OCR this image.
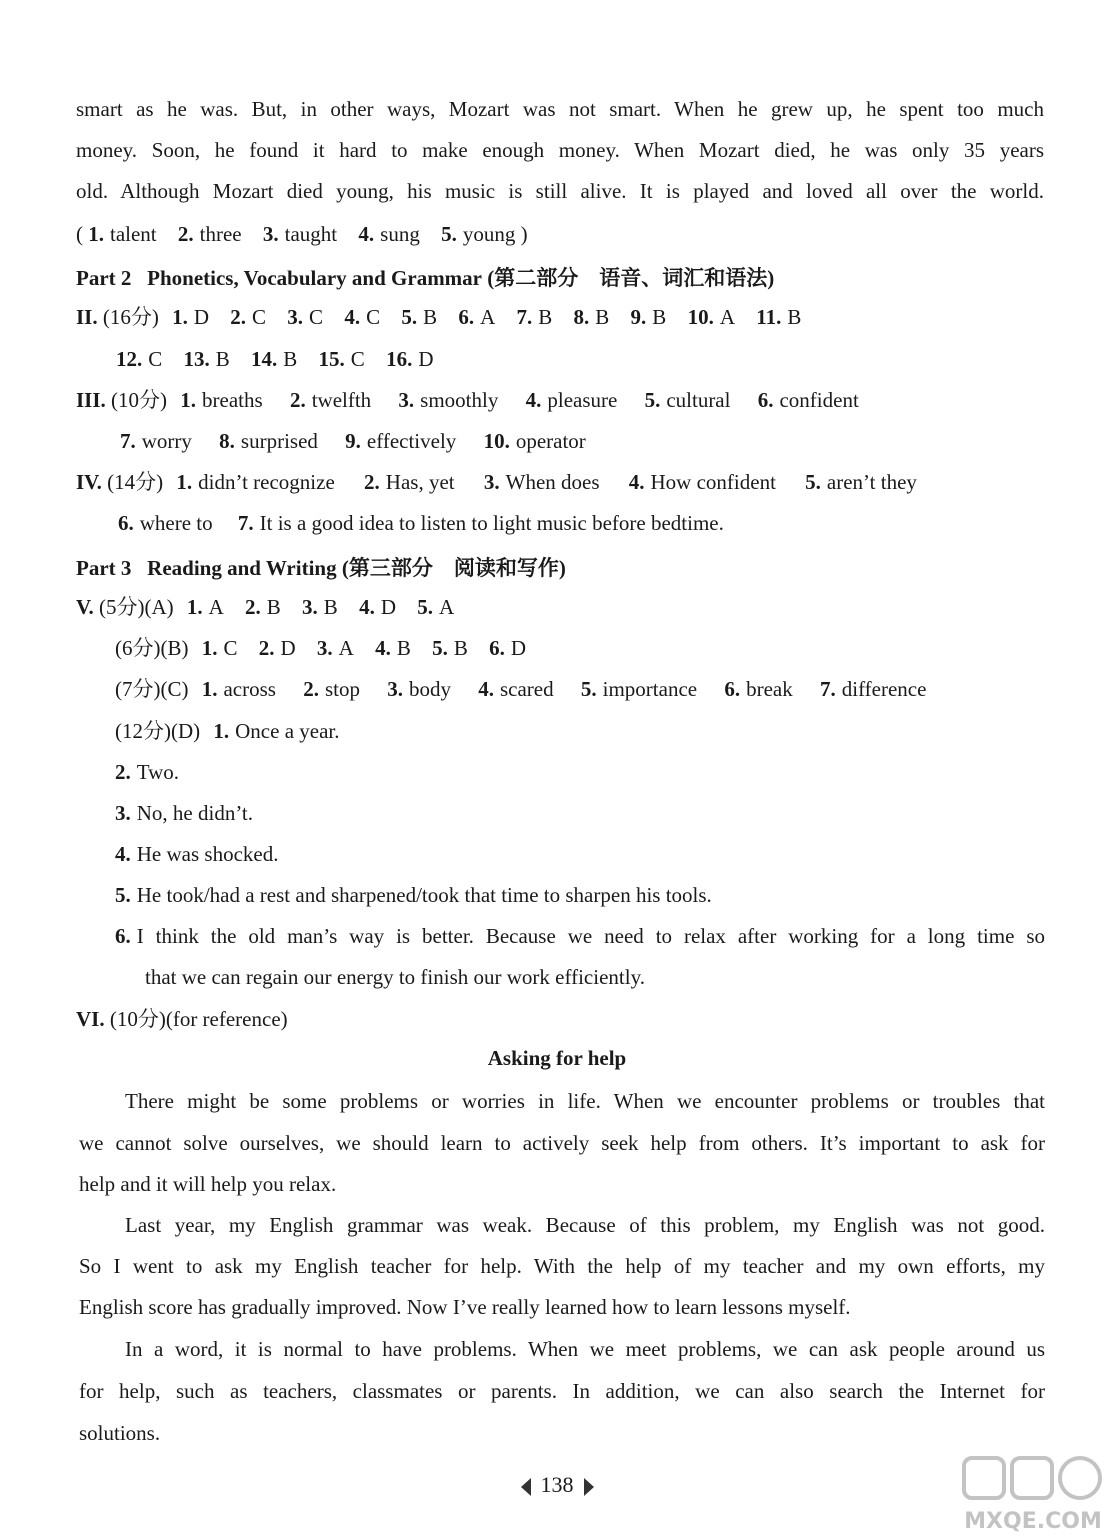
smart as he was. But, in other ways, Mozart was not smart. When he grew up, he spent too much
money. Soon, he found it hard to make enough money. When Mozart died, he was only 35 years
old. Although Mozart died young, his music is still alive. It is played and loved all over the world.
( 1. talent 2. three 3. taught 4. sung 5. young )
Part 2 Phonetics, Vocabulary and Grammar (第二部分　语音、词汇和语法)
II. (16分) 1. D 2. C 3. C 4. C 5. B 6. A 7. B 8. B 9. B 10. A 11. B
12. C 13. B 14. B 15. C 16. D
III. (10分) 1. breaths 2. twelfth 3. smoothly 4. pleasure 5. cultural 6. confident
7. worry 8. surprised 9. effectively 10. operator
IV. (14分) 1. didn’t recognize 2. Has, yet 3. When does 4. How confident 5. aren’t they
6. where to 7. It is a good idea to listen to light music before bedtime.
Part 3 Reading and Writing (第三部分　阅读和写作)
V. (5分)(A) 1. A 2. B 3. B 4. D 5. A
(6分)(B) 1. C 2. D 3. A 4. B 5. B 6. D
(7分)(C) 1. across 2. stop 3. body 4. scared 5. importance 6. break 7. difference
(12分)(D) 1. Once a year.
2. Two.
3. No, he didn’t.
4. He was shocked.
5. He took/had a rest and sharpened/took that time to sharpen his tools.
6. I think the old man’s way is better. Because we need to relax after working for a long time so
that we can regain our energy to finish our work efficiently.
VI. (10分)(for reference)
Asking for help
There might be some problems or worries in life. When we encounter problems or troubles that
we cannot solve ourselves, we should learn to actively seek help from others. It’s important to ask for
help and it will help you relax.
Last year, my English grammar was weak. Because of this problem, my English was not good.
So I went to ask my English teacher for help. With the help of my teacher and my own efforts, my
English score has gradually improved. Now I’ve really learned how to learn lessons myself.
In a word, it is normal to have problems. When we meet problems, we can ask people around us
for help, such as teachers, classmates or parents. In addition, we can also search the Internet for
solutions.
138
MXQE.COM
